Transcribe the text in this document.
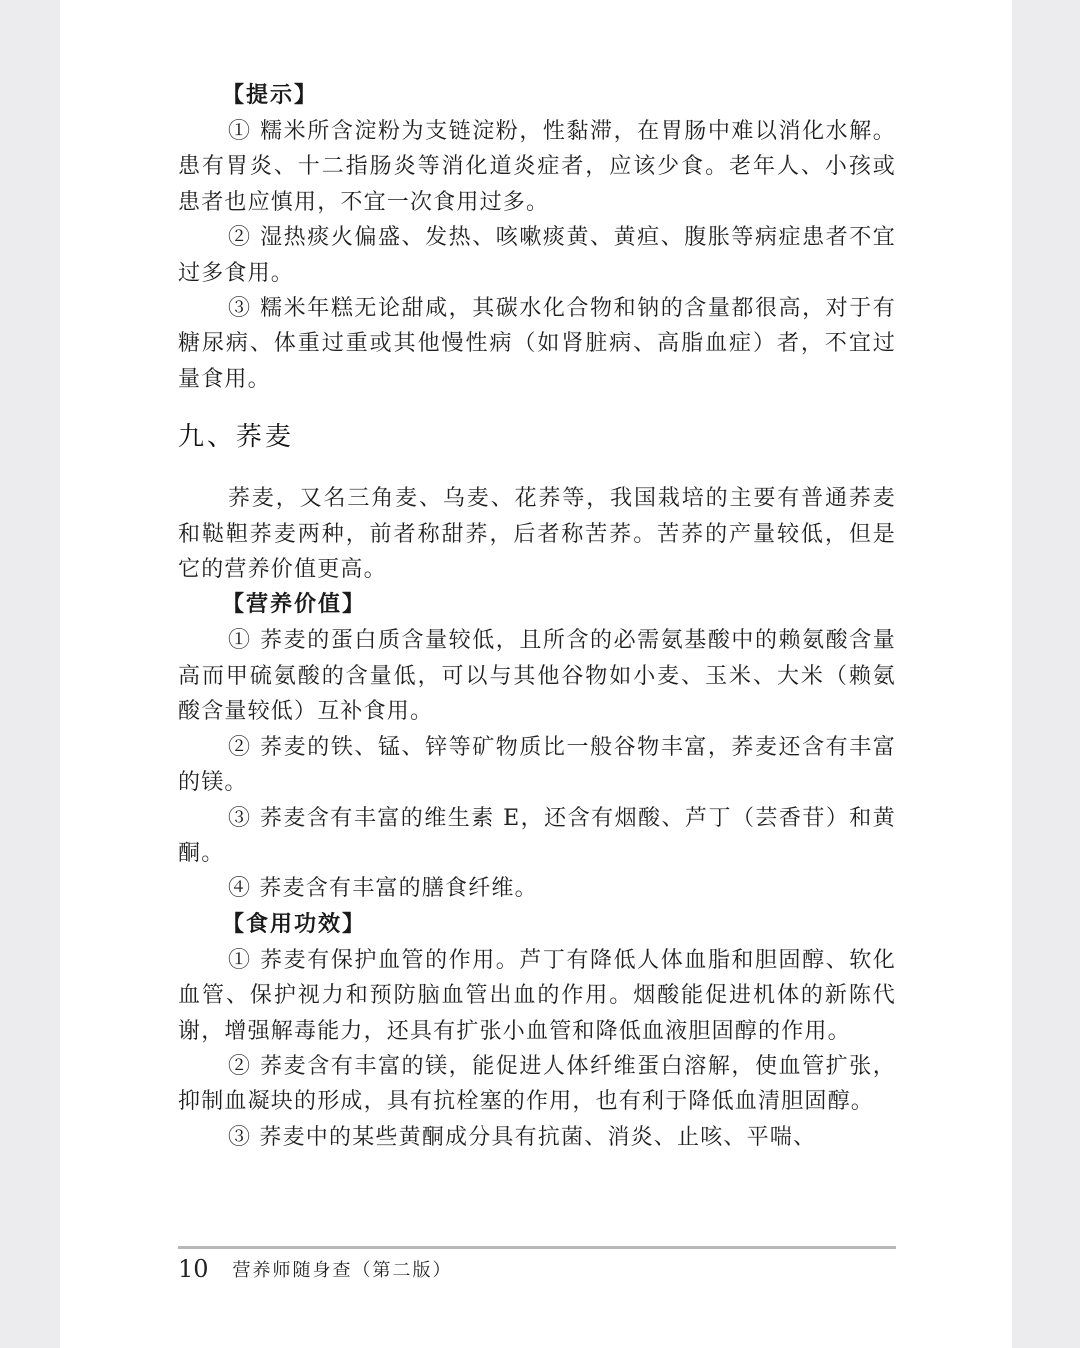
【提示】

① 糯米所含淀粉为支链淀粉，性黏滞，在胃肠中难以消化水解。患有胃炎、十二指肠炎等消化道炎症者，应该少食。老年人、小孩或患者也应慎用，不宜一次食用过多。

② 湿热痰火偏盛、发热、咳嗽痰黄、黄疸、腹胀等病症患者不宜过多食用。

③ 糯米年糕无论甜咸，其碳水化合物和钠的含量都很高，对于有糖尿病、体重过重或其他慢性病（如肾脏病、高脂血症）者，不宜过量食用。

九、荞麦

荞麦，又名三角麦、乌麦、花荞等，我国栽培的主要有普通荞麦和鞑靼荞麦两种，前者称甜荞，后者称苦荞。苦荞的产量较低，但是它的营养价值更高。

【营养价值】

① 荞麦的蛋白质含量较低，且所含的必需氨基酸中的赖氨酸含量高而甲硫氨酸的含量低，可以与其他谷物如小麦、玉米、大米（赖氨酸含量较低）互补食用。

② 荞麦的铁、锰、锌等矿物质比一般谷物丰富，荞麦还含有丰富的镁。

③ 荞麦含有丰富的维生素 E，还含有烟酸、芦丁（芸香苷）和黄酮。

④ 荞麦含有丰富的膳食纤维。

【食用功效】

① 荞麦有保护血管的作用。芦丁有降低人体血脂和胆固醇、软化血管、保护视力和预防脑血管出血的作用。烟酸能促进机体的新陈代谢，增强解毒能力，还具有扩张小血管和降低血液胆固醇的作用。

② 荞麦含有丰富的镁，能促进人体纤维蛋白溶解，使血管扩张，抑制血凝块的形成，具有抗栓塞的作用，也有利于降低血清胆固醇。

③ 荞麦中的某些黄酮成分具有抗菌、消炎、止咳、平喘、

10 营养师随身查（第二版）
